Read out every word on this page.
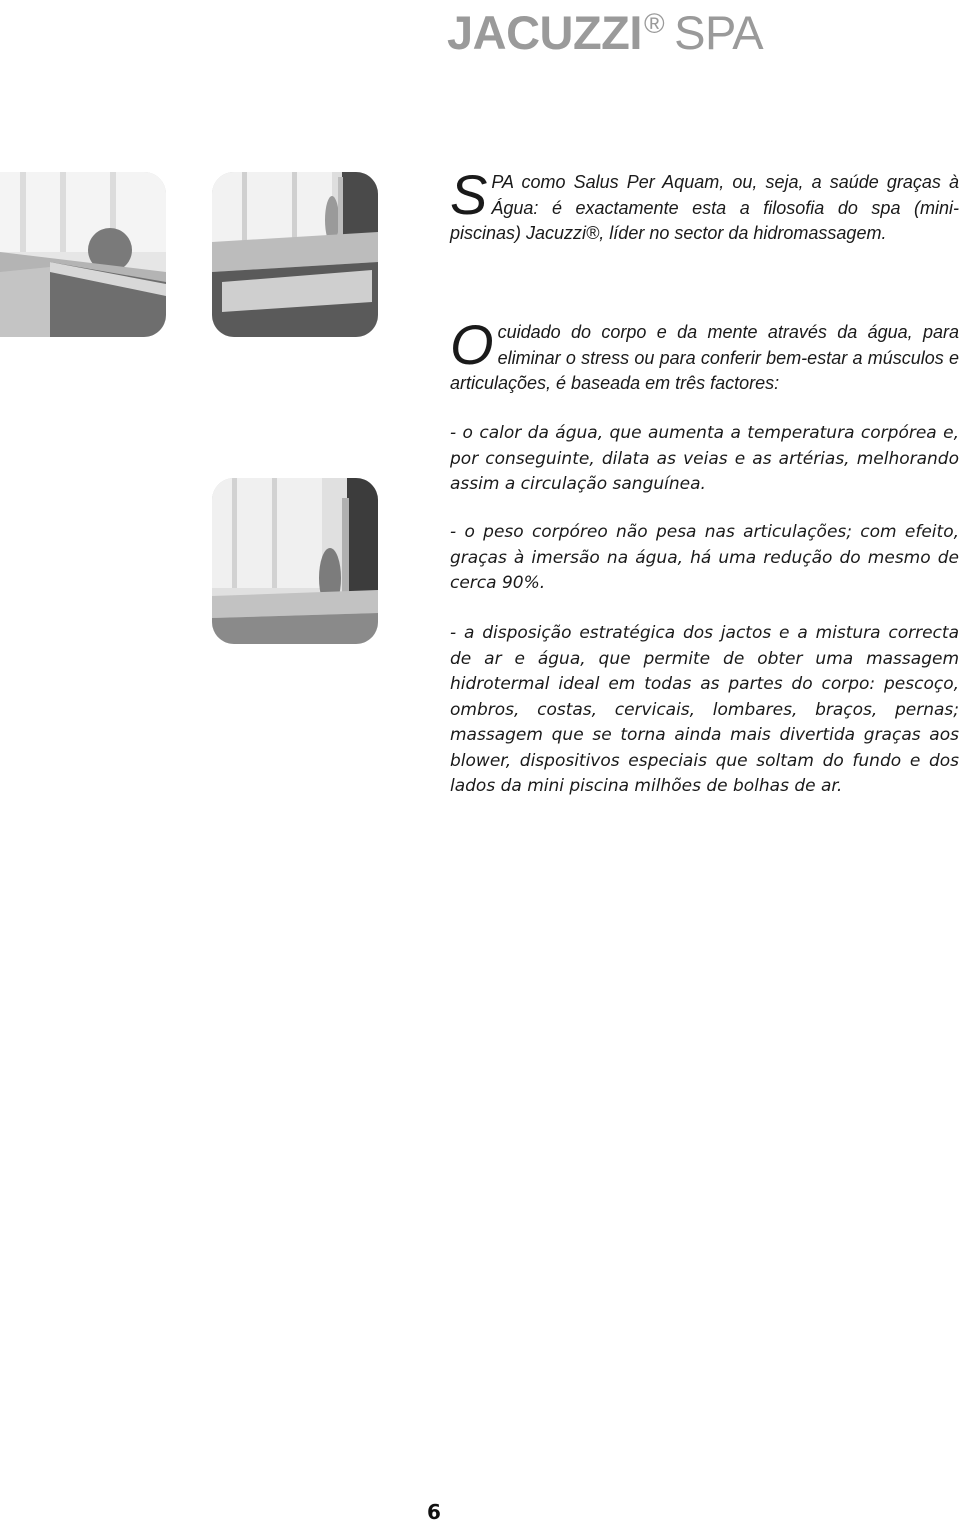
JACUZZI® SPA

SPA como Salus Per Aquam, ou, seja, a saúde graças à Água: é exactamente esta a filosofia do spa (mini-piscinas) Jacuzzi®, líder no sector da hidromassagem.

Ocuidado do corpo e da mente através da água, para eliminar o stress ou para conferir bem-estar a músculos e articulações, é baseada em três factores:

- o calor da água, que aumenta a temperatura corpórea e, por conseguinte, dilata as veias e as artérias, melhorando assim a circulação sanguínea.

- o peso corpóreo não pesa nas articulações; com efeito, graças à imersão na água, há uma redução do mesmo de cerca 90%.

- a disposição estratégica dos jactos e a mistura correcta de ar e água, que permite de obter uma massagem hidrotermal ideal em todas as partes do corpo: pescoço, ombros, costas, cervicais, lombares, braços, pernas; massagem que se torna ainda mais divertida graças aos blower, dispositivos especiais que soltam do fundo e dos lados da mini piscina milhões de bolhas de ar.

6
